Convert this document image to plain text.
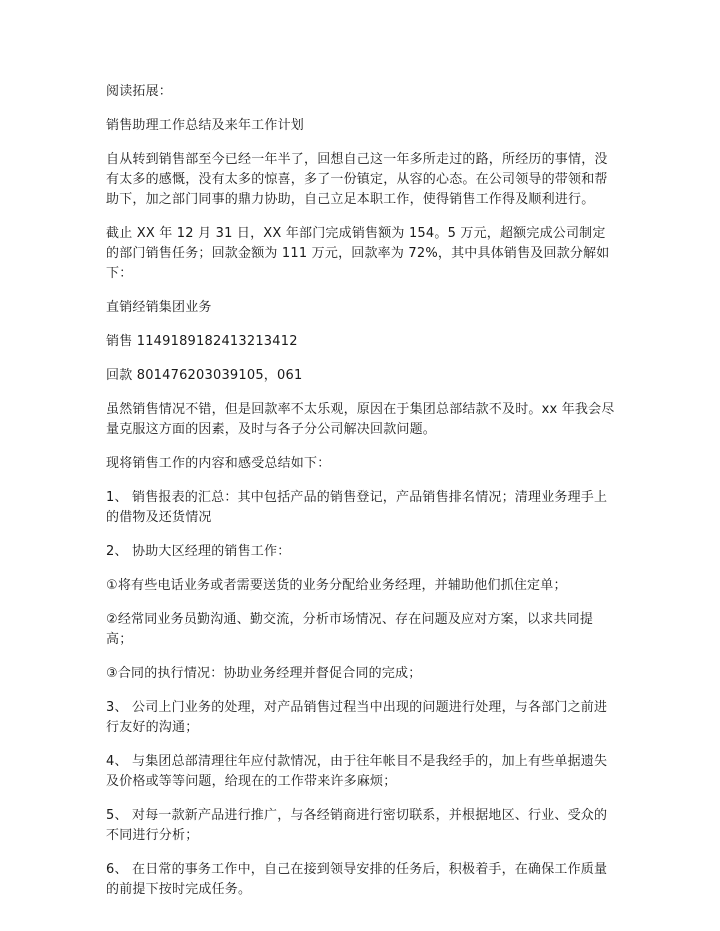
阅读拓展：

销售助理工作总结及来年工作计划

自从转到销售部至今已经一年半了，回想自己这一年多所走过的路，所经历的事情，没有太多的感慨，没有太多的惊喜，多了一份镇定，从容的心态。在公司领导的带领和帮助下，加之部门同事的鼎力协助，自己立足本职工作，使得销售工作得及顺利进行。

截止 XX 年 12 月 31 日，XX 年部门完成销售额为 154。5 万元，超额完成公司制定的部门销售任务；回款金额为 111 万元，回款率为 72%，其中具体销售及回款分解如下：

直销经销集团业务

销售 1149189182413213412

回款 801476203039105，061

虽然销售情况不错，但是回款率不太乐观，原因在于集团总部结款不及时。xx 年我会尽量克服这方面的因素，及时与各子分公司解决回款问题。

现将销售工作的内容和感受总结如下：

1、 销售报表的汇总：其中包括产品的销售登记，产品销售排名情况；清理业务理手上的借物及还货情况

2、 协助大区经理的销售工作：

①将有些电话业务或者需要送货的业务分配给业务经理，并辅助他们抓住定单；

②经常同业务员勤沟通、勤交流，分析市场情况、存在问题及应对方案，以求共同提高；

③合同的执行情况：协助业务经理并督促合同的完成；

3、 公司上门业务的处理，对产品销售过程当中出现的问题进行处理，与各部门之前进行友好的沟通；

4、 与集团总部清理往年应付款情况，由于往年帐目不是我经手的，加上有些单据遗失及价格或等等问题，给现在的工作带来许多麻烦；

5、 对每一款新产品进行推广，与各经销商进行密切联系，并根据地区、行业、受众的不同进行分析；

6、 在日常的事务工作中，自己在接到领导安排的任务后，积极着手，在确保工作质量的前提下按时完成任务。
